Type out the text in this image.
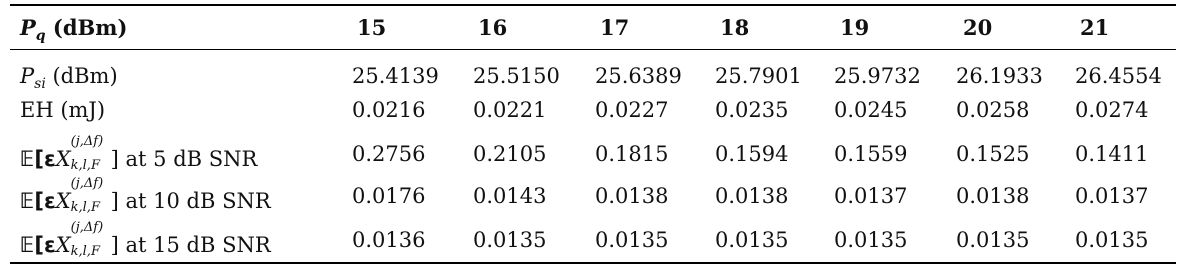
$P_q$ (dBm)	15	16	17	18	19	20	21
$P_{si}$ (dBm)	25.4139 25.5150 25.6389 25.7901 25.9732 26.1933 26.4554
EH (mJ)	0.0216 0.0221 0.0227 0.0235 0.0245 0.0258 0.0274
𝔼[εX
(j,Δf)
k,l,F ] at 5 dB SNR	0.2756 0.2105 0.1815 0.1594 0.1559 0.1525 0.1411
𝔼[εX
(j,Δf)
k,l,F ] at 10 dB SNR	0.0176 0.0143 0.0138 0.0138 0.0137 0.0138 0.0137
𝔼[εX
(j,Δf)
k,l,F ] at 15 dB SNR	0.0136 0.0135 0.0135 0.0135 0.0135 0.0135 0.0135
